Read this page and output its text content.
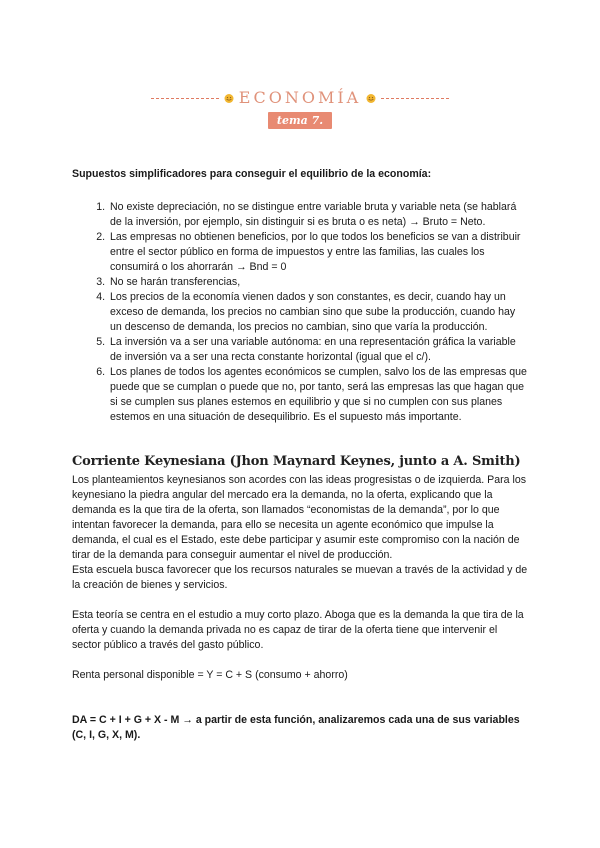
ECONOMÍA
tema 7.

Supuestos simplificadores para conseguir el equilibrio de la economía:

1. No existe depreciación, no se distingue entre variable bruta y variable neta (se hablará de la inversión, por ejemplo, sin distinguir si es bruta o es neta) → Bruto = Neto.
2. Las empresas no obtienen beneficios, por lo que todos los beneficios se van a distribuir entre el sector público en forma de impuestos y entre las familias, las cuales los consumirá o los ahorrarán → Bnd = 0
3. No se harán transferencias,
4. Los precios de la economía vienen dados y son constantes, es decir, cuando hay un exceso de demanda, los precios no cambian sino que sube la producción, cuando hay un descenso de demanda, los precios no cambian, sino que varía la producción.
5. La inversión va a ser una variable autónoma: en una representación gráfica la variable de inversión va a ser una recta constante horizontal (igual que el c/).
6. Los planes de todos los agentes económicos se cumplen, salvo los de las empresas que puede que se cumplan o puede que no, por tanto, será las empresas las que hagan que si se cumplen sus planes estemos en equilibrio y que si no cumplen con sus planes estemos en una situación de desequilibrio. Es el supuesto más importante.
Corriente Keynesiana (Jhon Maynard Keynes, junto a A. Smith)

Los planteamientos keynesianos son acordes con las ideas progresistas o de izquierda. Para los keynesiano la piedra angular del mercado era la demanda, no la oferta, explicando que la demanda es la que tira de la oferta, son llamados “economistas de la demanda”, por lo que intentan favorecer la demanda, para ello se necesita un agente económico que impulse la demanda, el cual es el Estado, este debe participar y asumir este compromiso con la nación de tirar de la demanda para conseguir aumentar el nivel de producción.

Esta escuela busca favorecer que los recursos naturales se muevan a través de la actividad y de la creación de bienes y servicios.

Esta teoría se centra en el estudio a muy corto plazo. Aboga que es la demanda la que tira de la oferta y cuando la demanda privada no es capaz de tirar de la oferta tiene que intervenir el sector público a través del gasto público.

Renta personal disponible = Y = C + S (consumo + ahorro)

DA = C + I + G + X - M → a partir de esta función, analizaremos cada una de sus variables (C, I, G, X, M).
